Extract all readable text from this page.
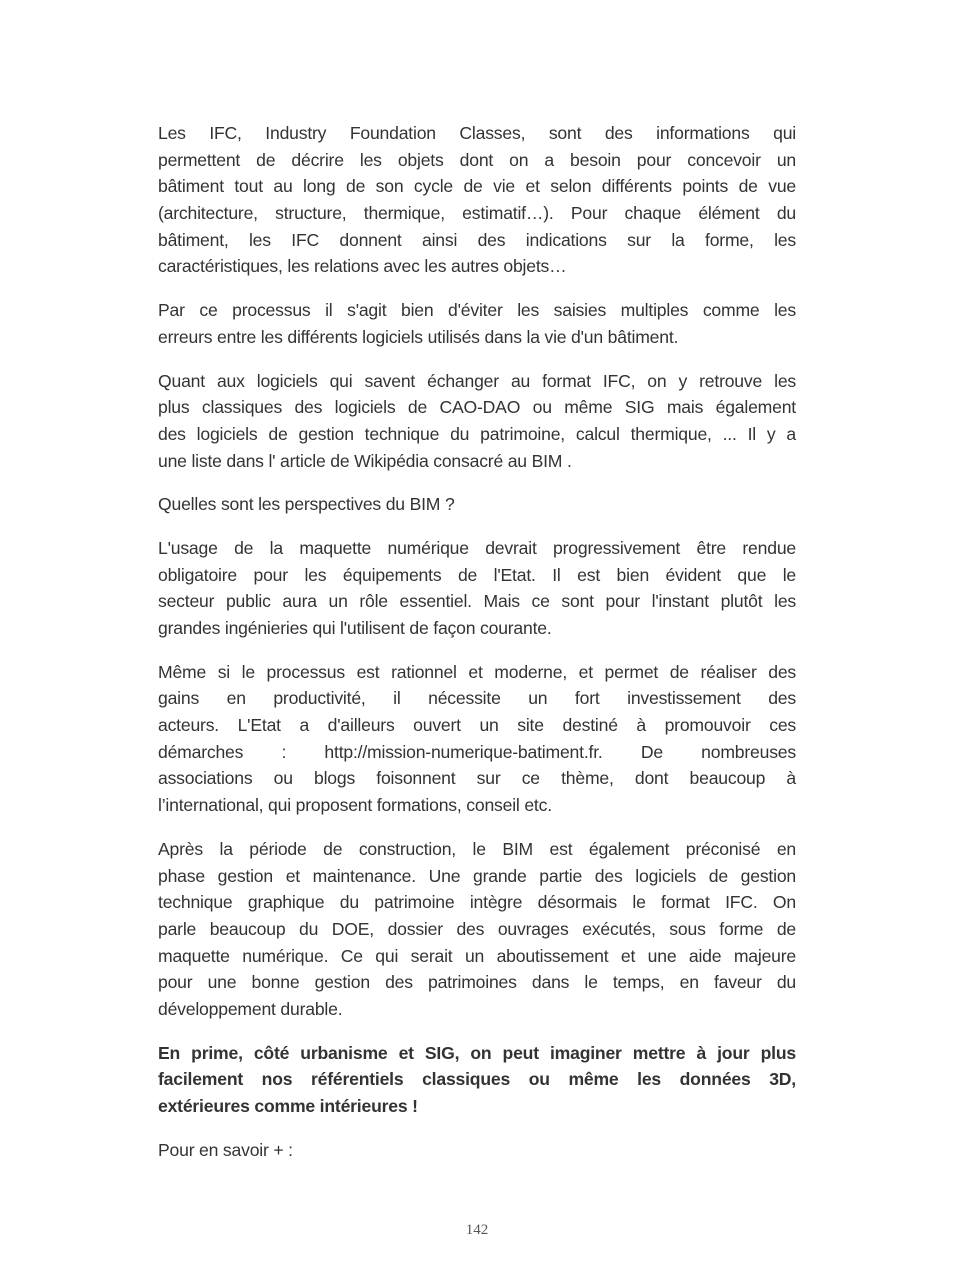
Les IFC, Industry Foundation Classes, sont des informations qui
permettent de décrire les objets dont on a besoin pour concevoir un
bâtiment tout au long de son cycle de vie et selon différents points de vue
(architecture, structure, thermique, estimatif…). Pour chaque élément du
bâtiment, les IFC donnent ainsi des indications sur la forme, les
caractéristiques, les relations avec les autres objets…
Par ce processus il s'agit bien d'éviter les saisies multiples comme les
erreurs entre les différents logiciels utilisés dans la vie d'un bâtiment.
Quant aux logiciels qui savent échanger au format IFC, on y retrouve les
plus classiques des logiciels de CAO-DAO ou même SIG mais également
des logiciels de gestion technique du patrimoine, calcul thermique, ... Il y a
une liste dans l' article de Wikipédia consacré au BIM .
Quelles sont les perspectives du BIM ?
L'usage de la maquette numérique devrait progressivement être rendue
obligatoire pour les équipements de l'Etat. Il est bien évident que le
secteur public aura un rôle essentiel. Mais ce sont pour l'instant plutôt les
grandes ingénieries qui l'utilisent de façon courante.
Même si le processus est rationnel et moderne, et permet de réaliser des
gains en productivité, il nécessite un fort investissement des
acteurs. L'Etat a d'ailleurs ouvert un site destiné à promouvoir ces
démarches : http://mission-numerique-batiment.fr. De nombreuses
associations ou blogs foisonnent sur ce thème, dont beaucoup à
l’international, qui proposent formations, conseil etc.
Après la période de construction, le BIM est également préconisé en
phase gestion et maintenance. Une grande partie des logiciels de gestion
technique graphique du patrimoine intègre désormais le format IFC. On
parle beaucoup du DOE, dossier des ouvrages exécutés, sous forme de
maquette numérique. Ce qui serait un aboutissement et une aide majeure
pour une bonne gestion des patrimoines dans le temps, en faveur du
développement durable.
En prime, côté urbanisme et SIG, on peut imaginer mettre à jour plus
facilement nos référentiels classiques ou même les données 3D,
extérieures comme intérieures !
Pour en savoir + :
142
